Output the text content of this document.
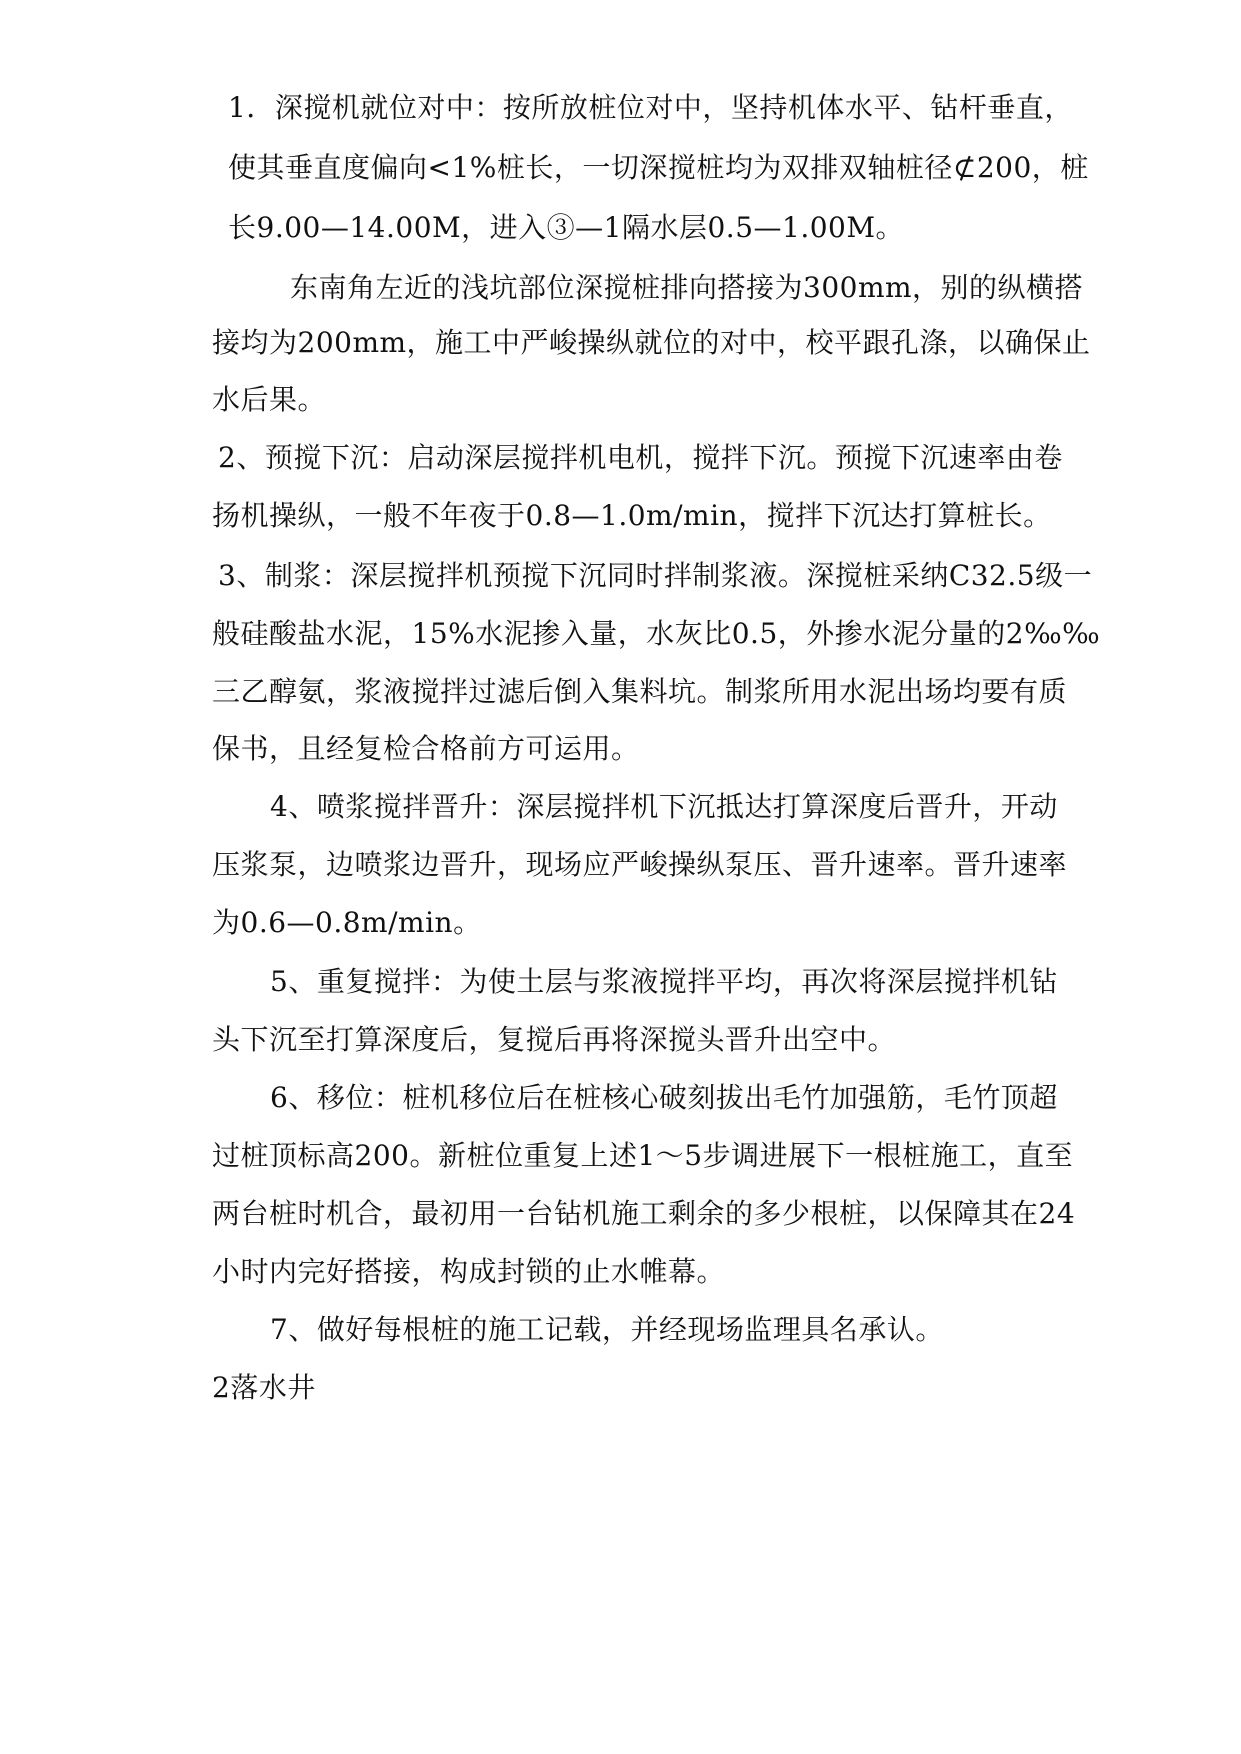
1．深搅机就位对中：按所放桩位对中，坚持机体水平、钻杆垂直，
使其垂直度偏向<1%桩长，一切深搅桩均为双排双轴桩径⊄200，桩
长9.00—14.00M，进入③—1隔水层0.5—1.00M。
东南角左近的浅坑部位深搅桩排向搭接为300mm，别的纵横搭
接均为200mm，施工中严峻操纵就位的对中，校平跟孔涤，以确保止
水后果。
2、预搅下沉：启动深层搅拌机电机，搅拌下沉。预搅下沉速率由卷
扬机操纵，一般不年夜于0.8—1.0m/min，搅拌下沉达打算桩长。
3、制浆：深层搅拌机预搅下沉同时拌制浆液。深搅桩采纳C32.5级一
般硅酸盐水泥，15%水泥掺入量，水灰比0.5，外掺水泥分量的2‰‰
三乙醇氨，浆液搅拌过滤后倒入集料坑。制浆所用水泥出场均要有质
保书，且经复检合格前方可运用。
4、喷浆搅拌晋升：深层搅拌机下沉抵达打算深度后晋升，开动
压浆泵，边喷浆边晋升，现场应严峻操纵泵压、晋升速率。晋升速率
为0.6—0.8m/min。
5、重复搅拌：为使土层与浆液搅拌平均，再次将深层搅拌机钻
头下沉至打算深度后，复搅后再将深搅头晋升出空中。
6、移位：桩机移位后在桩核心破刻拔出毛竹加强筋，毛竹顶超
过桩顶标高200。新桩位重复上述1～5步调进展下一根桩施工，直至
两台桩时机合，最初用一台钻机施工剩余的多少根桩，以保障其在24
小时内完好搭接，构成封锁的止水帷幕。
7、做好每根桩的施工记载，并经现场监理具名承认。
2落水井
